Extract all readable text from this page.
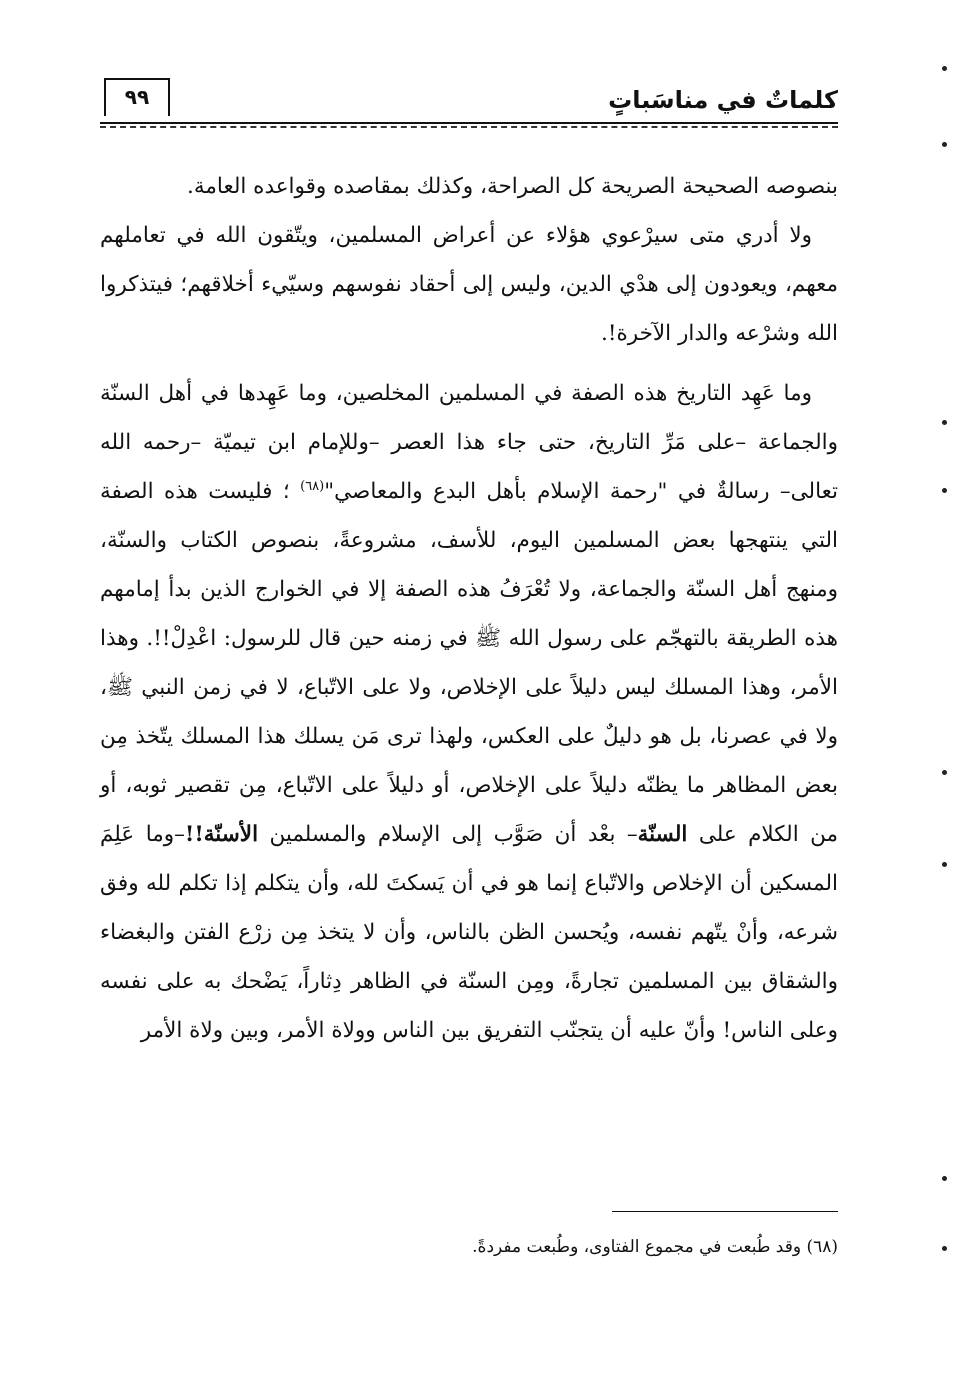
كلماتٌ في مناسَباتٍ
٩٩

بنصوصه الصحيحة الصريحة كل الصراحة، وكذلك بمقاصده وقواعده العامة.

ولا أدري متى سيرْعوي هؤلاء عن أعراض المسلمين، ويتّقون الله في تعاملهم معهم، ويعودون إلى هدْي الدين، وليس إلى أحقاد نفوسهم وسيّيء أخلاقهم؛ فيتذكروا الله وشرْعه والدار الآخرة!.

وما عَهِد التاريخ هذه الصفة في المسلمين المخلصين، وما عَهِدها في أهل السنّة والجماعة –على مَرِّ التاريخ، حتى جاء هذا العصر –وللإمام ابن تيميّة –رحمه الله تعالى– رسالةٌ في "رحمة الإسلام بأهل البدع والمعاصي"$^{(٦٨)}$ ؛ فليست هذه الصفة التي ينتهجها بعض المسلمين اليوم، للأسف، مشروعةً، بنصوص الكتاب والسنّة، ومنهج أهل السنّة والجماعة، ولا تُعْرَفُ هذه الصفة إلا في الخوارج الذين بدأ إمامهم هذه الطريقة بالتهجّم على رسول الله ﷺ في زمنه حين قال للرسول: اعْدِلْ!!. وهذا الأمر، وهذا المسلك ليس دليلاً على الإخلاص، ولا على الاتّباع، لا في زمن النبي ﷺ، ولا في عصرنا، بل هو دليلٌ على العكس، ولهذا ترى مَن يسلك هذا المسلك يتّخذ مِن بعض المظاهر ما يظنّه دليلاً على الإخلاص، أو دليلاً على الاتّباع، مِن تقصير ثوبه، أو من الكلام على السنّة– بعْد أن صَوَّب إلى الإسلام والمسلمين الأسنّة!!–وما عَلِمَ المسكين أن الإخلاص والاتّباع إنما هو في أن يَسكتَ لله، وأن يتكلم إذا تكلم لله وفق شرعه، وأنْ يتّهم نفسه، ويُحسن الظن بالناس، وأن لا يتخذ مِن زرْع الفتن والبغضاء والشقاق بين المسلمين تجارةً، ومِن السنّة في الظاهر دِثاراً، يَضْحك به على نفسه وعلى الناس! وأنّ عليه أن يتجنّب التفريق بين الناس وولاة الأمر، وبين ولاة الأمر

(٦٨) وقد طُبعت في مجموع الفتاوى، وطُبعت مفردةً.
